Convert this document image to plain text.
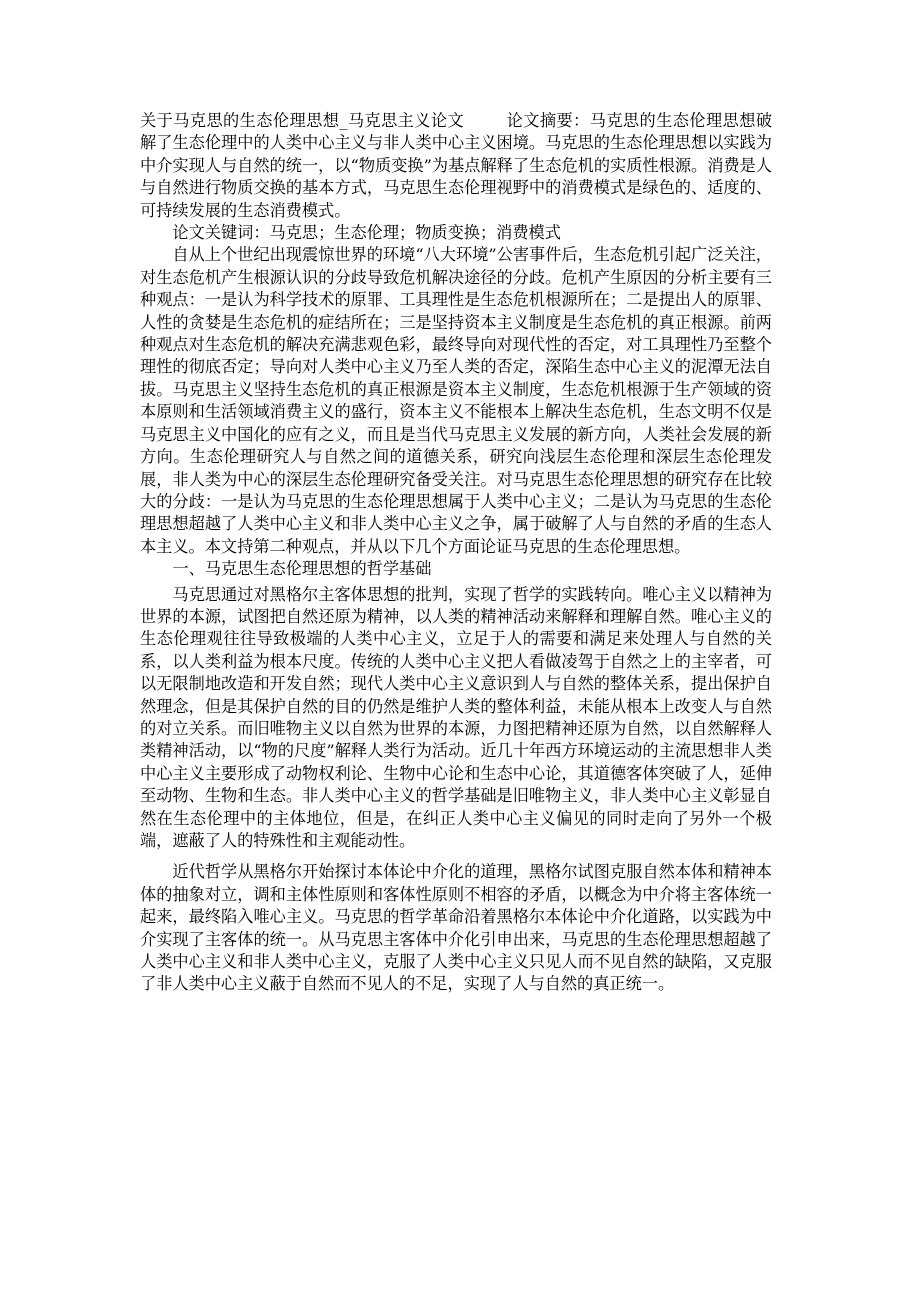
关于马克思的生态伦理思想_马克思主义论文	论文摘要：马克思的生态伦理思想破解了生态伦理中的人类中心主义与非人类中心主义困境。马克思的生态伦理思想以实践为中介实现人与自然的统一，以“物质变换”为基点解释了生态危机的实质性根源。消费是人与自然进行物质交换的基本方式，马克思生态伦理视野中的消费模式是绿色的、适度的、可持续发展的生态消费模式。

论文关键词：马克思；生态伦理；物质变换；消费模式

自从上个世纪出现震惊世界的环境“八大环境”公害事件后，生态危机引起广泛关注，对生态危机产生根源认识的分歧导致危机解决途径的分歧。危机产生原因的分析主要有三种观点：一是认为科学技术的原罪、工具理性是生态危机根源所在；二是提出人的原罪、人性的贪婪是生态危机的症结所在；三是坚持资本主义制度是生态危机的真正根源。前两种观点对生态危机的解决充满悲观色彩，最终导向对现代性的否定，对工具理性乃至整个理性的彻底否定；导向对人类中心主义乃至人类的否定，深陷生态中心主义的泥潭无法自拔。马克思主义坚持生态危机的真正根源是资本主义制度，生态危机根源于生产领域的资本原则和生活领域消费主义的盛行，资本主义不能根本上解决生态危机，生态文明不仅是马克思主义中国化的应有之义，而且是当代马克思主义发展的新方向，人类社会发展的新方向。生态伦理研究人与自然之间的道德关系，研究向浅层生态伦理和深层生态伦理发展，非人类为中心的深层生态伦理研究备受关注。对马克思生态伦理思想的研究存在比较大的分歧：一是认为马克思的生态伦理思想属于人类中心主义；二是认为马克思的生态伦理思想超越了人类中心主义和非人类中心主义之争，属于破解了人与自然的矛盾的生态人本主义。本文持第二种观点，并从以下几个方面论证马克思的生态伦理思想。

一、马克思生态伦理思想的哲学基础

马克思通过对黑格尔主客体思想的批判，实现了哲学的实践转向。唯心主义以精神为世界的本源，试图把自然还原为精神，以人类的精神活动来解释和理解自然。唯心主义的生态伦理观往往导致极端的人类中心主义，立足于人的需要和满足来处理人与自然的关系，以人类利益为根本尺度。传统的人类中心主义把人看做凌驾于自然之上的主宰者，可以无限制地改造和开发自然；现代人类中心主义意识到人与自然的整体关系，提出保护自然理念，但是其保护自然的目的仍然是维护人类的整体利益，未能从根本上改变人与自然的对立关系。而旧唯物主义以自然为世界的本源，力图把精神还原为自然，以自然解释人类精神活动，以“物的尺度”解释人类行为活动。近几十年西方环境运动的主流思想非人类中心主义主要形成了动物权利论、生物中心论和生态中心论，其道德客体突破了人，延伸至动物、生物和生态。非人类中心主义的哲学基础是旧唯物主义，非人类中心主义彰显自然在生态伦理中的主体地位，但是，在纠正人类中心主义偏见的同时走向了另外一个极端，遮蔽了人的特殊性和主观能动性。

近代哲学从黑格尔开始探讨本体论中介化的道理，黑格尔试图克服自然本体和精神本体的抽象对立，调和主体性原则和客体性原则不相容的矛盾，以概念为中介将主客体统一起来，最终陷入唯心主义。马克思的哲学革命沿着黑格尔本体论中介化道路，以实践为中介实现了主客体的统一。从马克思主客体中介化引申出来，马克思的生态伦理思想超越了人类中心主义和非人类中心主义，克服了人类中心主义只见人而不见自然的缺陷，又克服了非人类中心主义蔽于自然而不见人的不足，实现了人与自然的真正统一。
